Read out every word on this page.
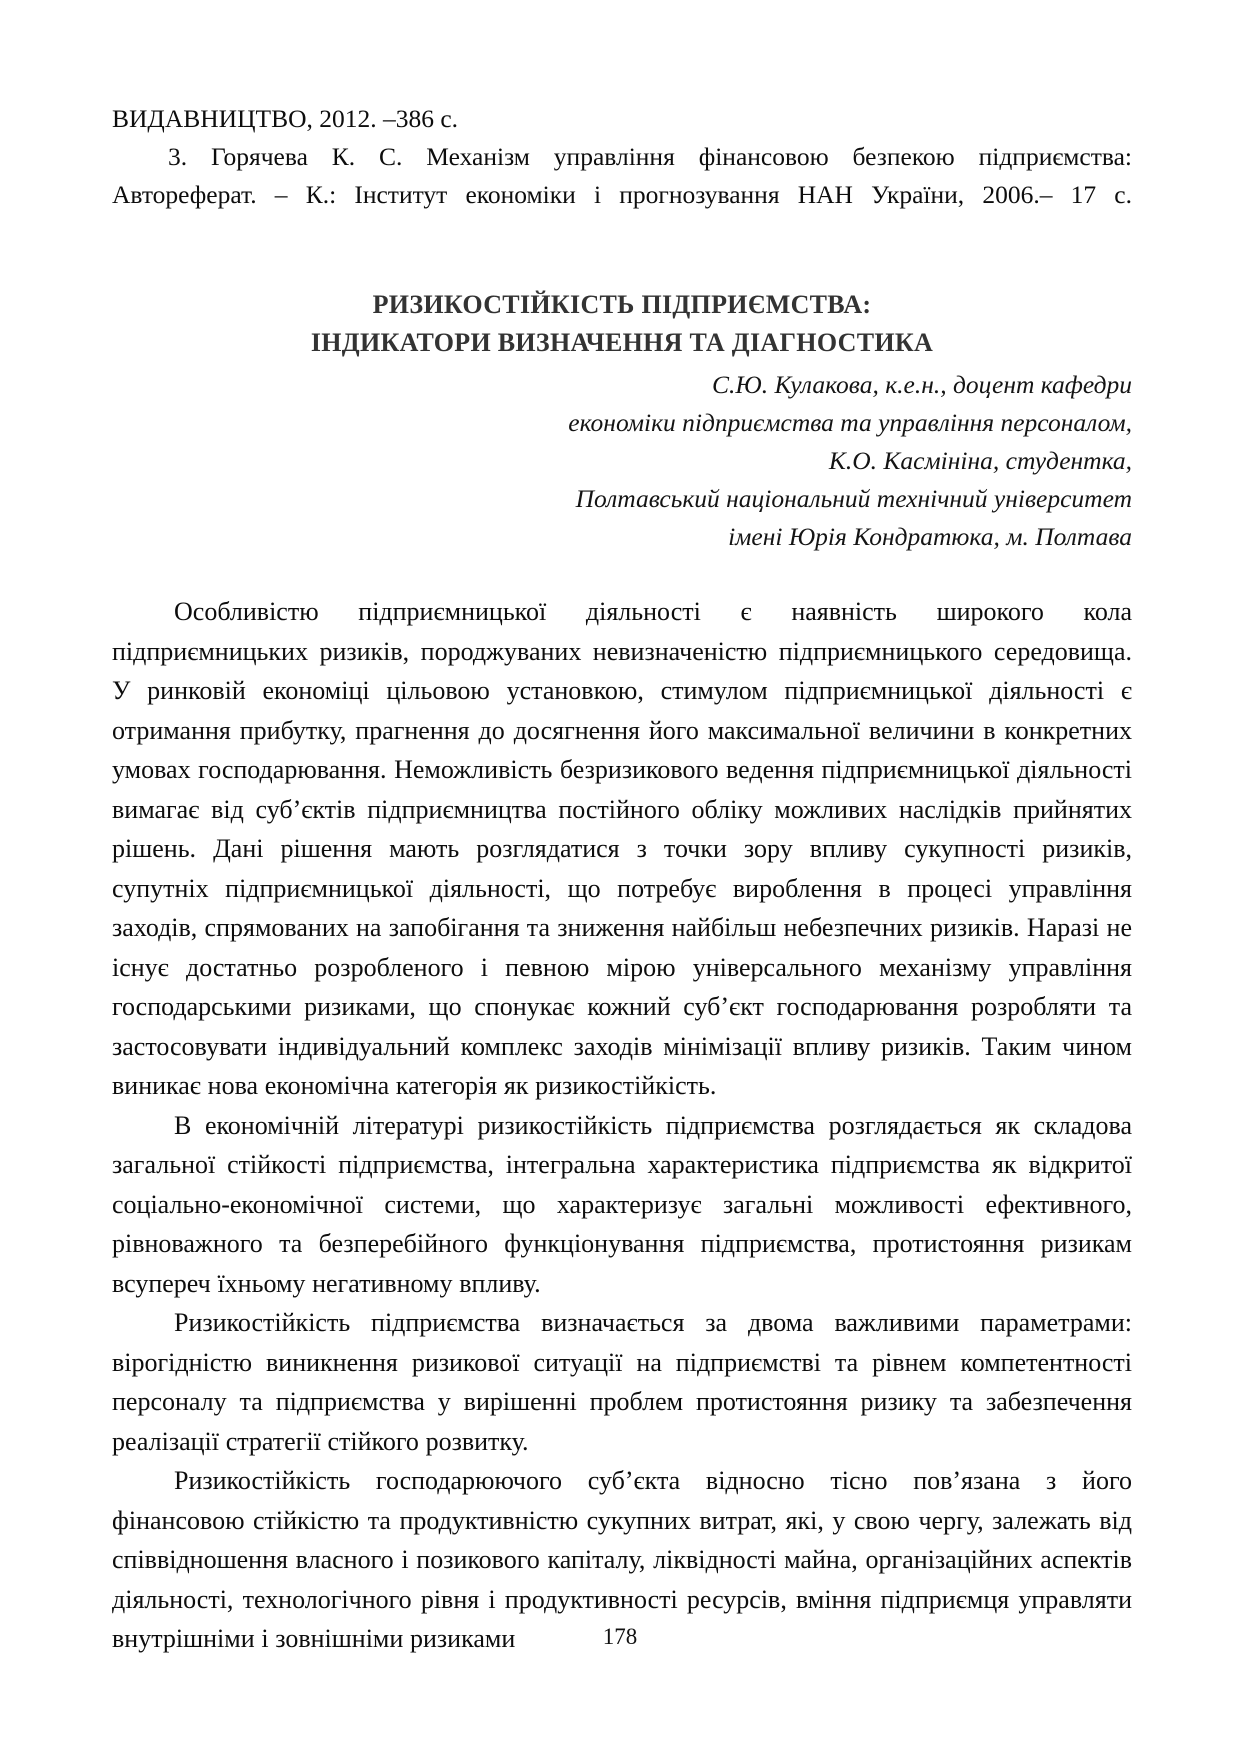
ВИДАВНИЦТВО, 2012. –386 с.

3. Горячева К. С. Механізм управління фінансовою безпекою підприємства: Автореферат. – К.: Інститут економіки і прогнозування НАН України, 2006.– 17 с.

РИЗИКОСТІЙКІСТЬ ПІДПРИЄМСТВА:

ІНДИКАТОРИ ВИЗНАЧЕННЯ ТА ДІАГНОСТИКА

С.Ю. Кулакова, к.е.н., доцент кафедри

економіки підприємства та управління персоналом,

К.О. Касмініна, студентка,

Полтавський національний технічний університет

імені Юрія Кондратюка, м. Полтава

Особливістю підприємницької діяльності є наявність широкого кола підприємницьких ризиків, породжуваних невизначеністю підприємницького середовища. У ринковій економіці цільовою установкою, стимулом підприємницької діяльності є отримання прибутку, прагнення до досягнення його максимальної величини в конкретних умовах господарювання. Неможливість безризикового ведення підприємницької діяльності вимагає від суб’єктів підприємництва постійного обліку можливих наслідків прийнятих рішень. Дані рішення мають розглядатися з точки зору впливу сукупності ризиків, супутніх підприємницької діяльності, що потребує вироблення в процесі управління заходів, спрямованих на запобігання та зниження найбільш небезпечних ризиків. Наразі не існує достатньо розробленого і певною мірою універсального механізму управління господарськими ризиками, що спонукає кожний суб’єкт господарювання розробляти та застосовувати індивідуальний комплекс заходів мінімізації впливу ризиків. Таким чином виникає нова економічна категорія як ризикостійкість.

В економічній літературі ризикостійкість підприємства розглядається як складова загальної стійкості підприємства, інтегральна характеристика підприємства як відкритої соціально-економічної системи, що характеризує загальні можливості ефективного, рівноважного та безперебійного функціонування підприємства, протистояння ризикам всупереч їхньому негативному впливу.

Ризикостійкість підприємства визначається за двома важливими параметрами: вірогідністю виникнення ризикової ситуації на підприємстві та рівнем компетентності персоналу та підприємства у вирішенні проблем протистояння ризику та забезпечення реалізації стратегії стійкого розвитку.

Ризикостійкість господарюючого суб’єкта відносно тісно пов’язана з його фінансовою стійкістю та продуктивністю сукупних витрат, які, у свою чергу, залежать від співвідношення власного і позикового капіталу, ліквідності майна, організаційних аспектів діяльності, технологічного рівня і продуктивності ресурсів, вміння підприємця управляти внутрішніми і зовнішніми ризиками	178
